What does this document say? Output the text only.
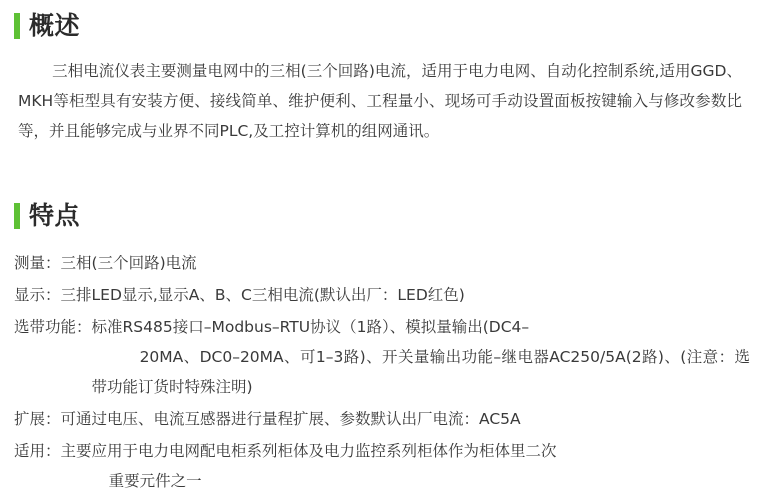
概述
三相电流仪表主要测量电网中的三相(三个回路)电流，适用于电力电网、自动化控制系统,适用GGD、MKH等柜型具有安装方便、接线简单、维护便利、工程量小、现场可手动设置面板按键输入与修改参数比等，并且能够完成与业界不同PLC,及工控计算机的组网通讯。
特点
测量： 三相(三个回路)电流
显示： 三排LED显示,显示A、B、C三相电流(默认出厂：LED红色)
选带功能： 标准RS485接口–Modbus–RTU协议（1路）、模拟量输出(DC4–
20MA、DC0–20MA、可1–3路)、开关量输出功能–继电器AC250/5A(2路)、(注意：选带功能订货时特殊注明)
扩展： 可通过电压、电流互感器进行量程扩展、参数默认出厂电流：AC5A
适用： 主要应用于电力电网配电柜系列柜体及电力监控系列柜体作为柜体里二次
重要元件之一
